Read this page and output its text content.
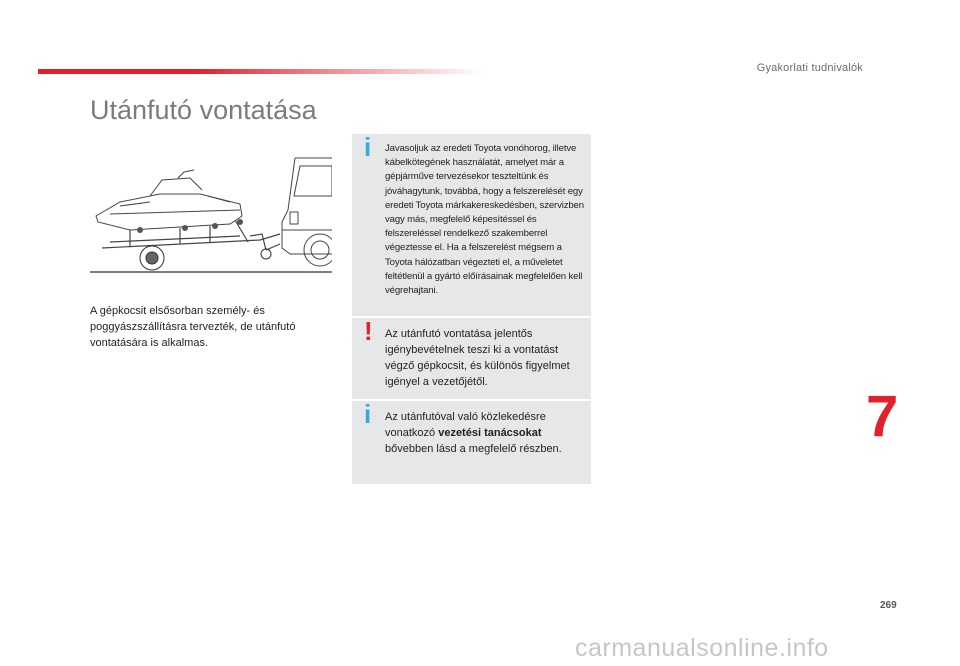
Gyakorlati tudnivalók
Utánfutó vontatása
A gépkocsit elsősorban személy- és poggyászszállításra tervezték, de utánfutó vontatására is alkalmas.
i Javasoljuk az eredeti Toyota vonóhorog, illetve kábelkötegének használatát, amelyet már a gépjárműve tervezésekor teszteltünk és jóváhagytunk, továbbá, hogy a felszerelését egy eredeti Toyota márkakereskedésben, szervizben vagy más, megfelelő képesítéssel és felszereléssel rendelkező szakemberrel végeztesse el. Ha a felszerelést mégsem a Toyota hálózatban végezteti el, a műveletet feltétlenül a gyártó előírásainak megfelelően kell végrehajtani.
! Az utánfutó vontatása jelentős igénybevételnek teszi ki a vontatást végző gépkocsit, és különös figyelmet igényel a vezetőjétől.
i Az utánfutóval való közlekedésre vonatkozó vezetési tanácsokat bővebben lásd a megfelelő részben.	7
269
carmanualsonline.info
